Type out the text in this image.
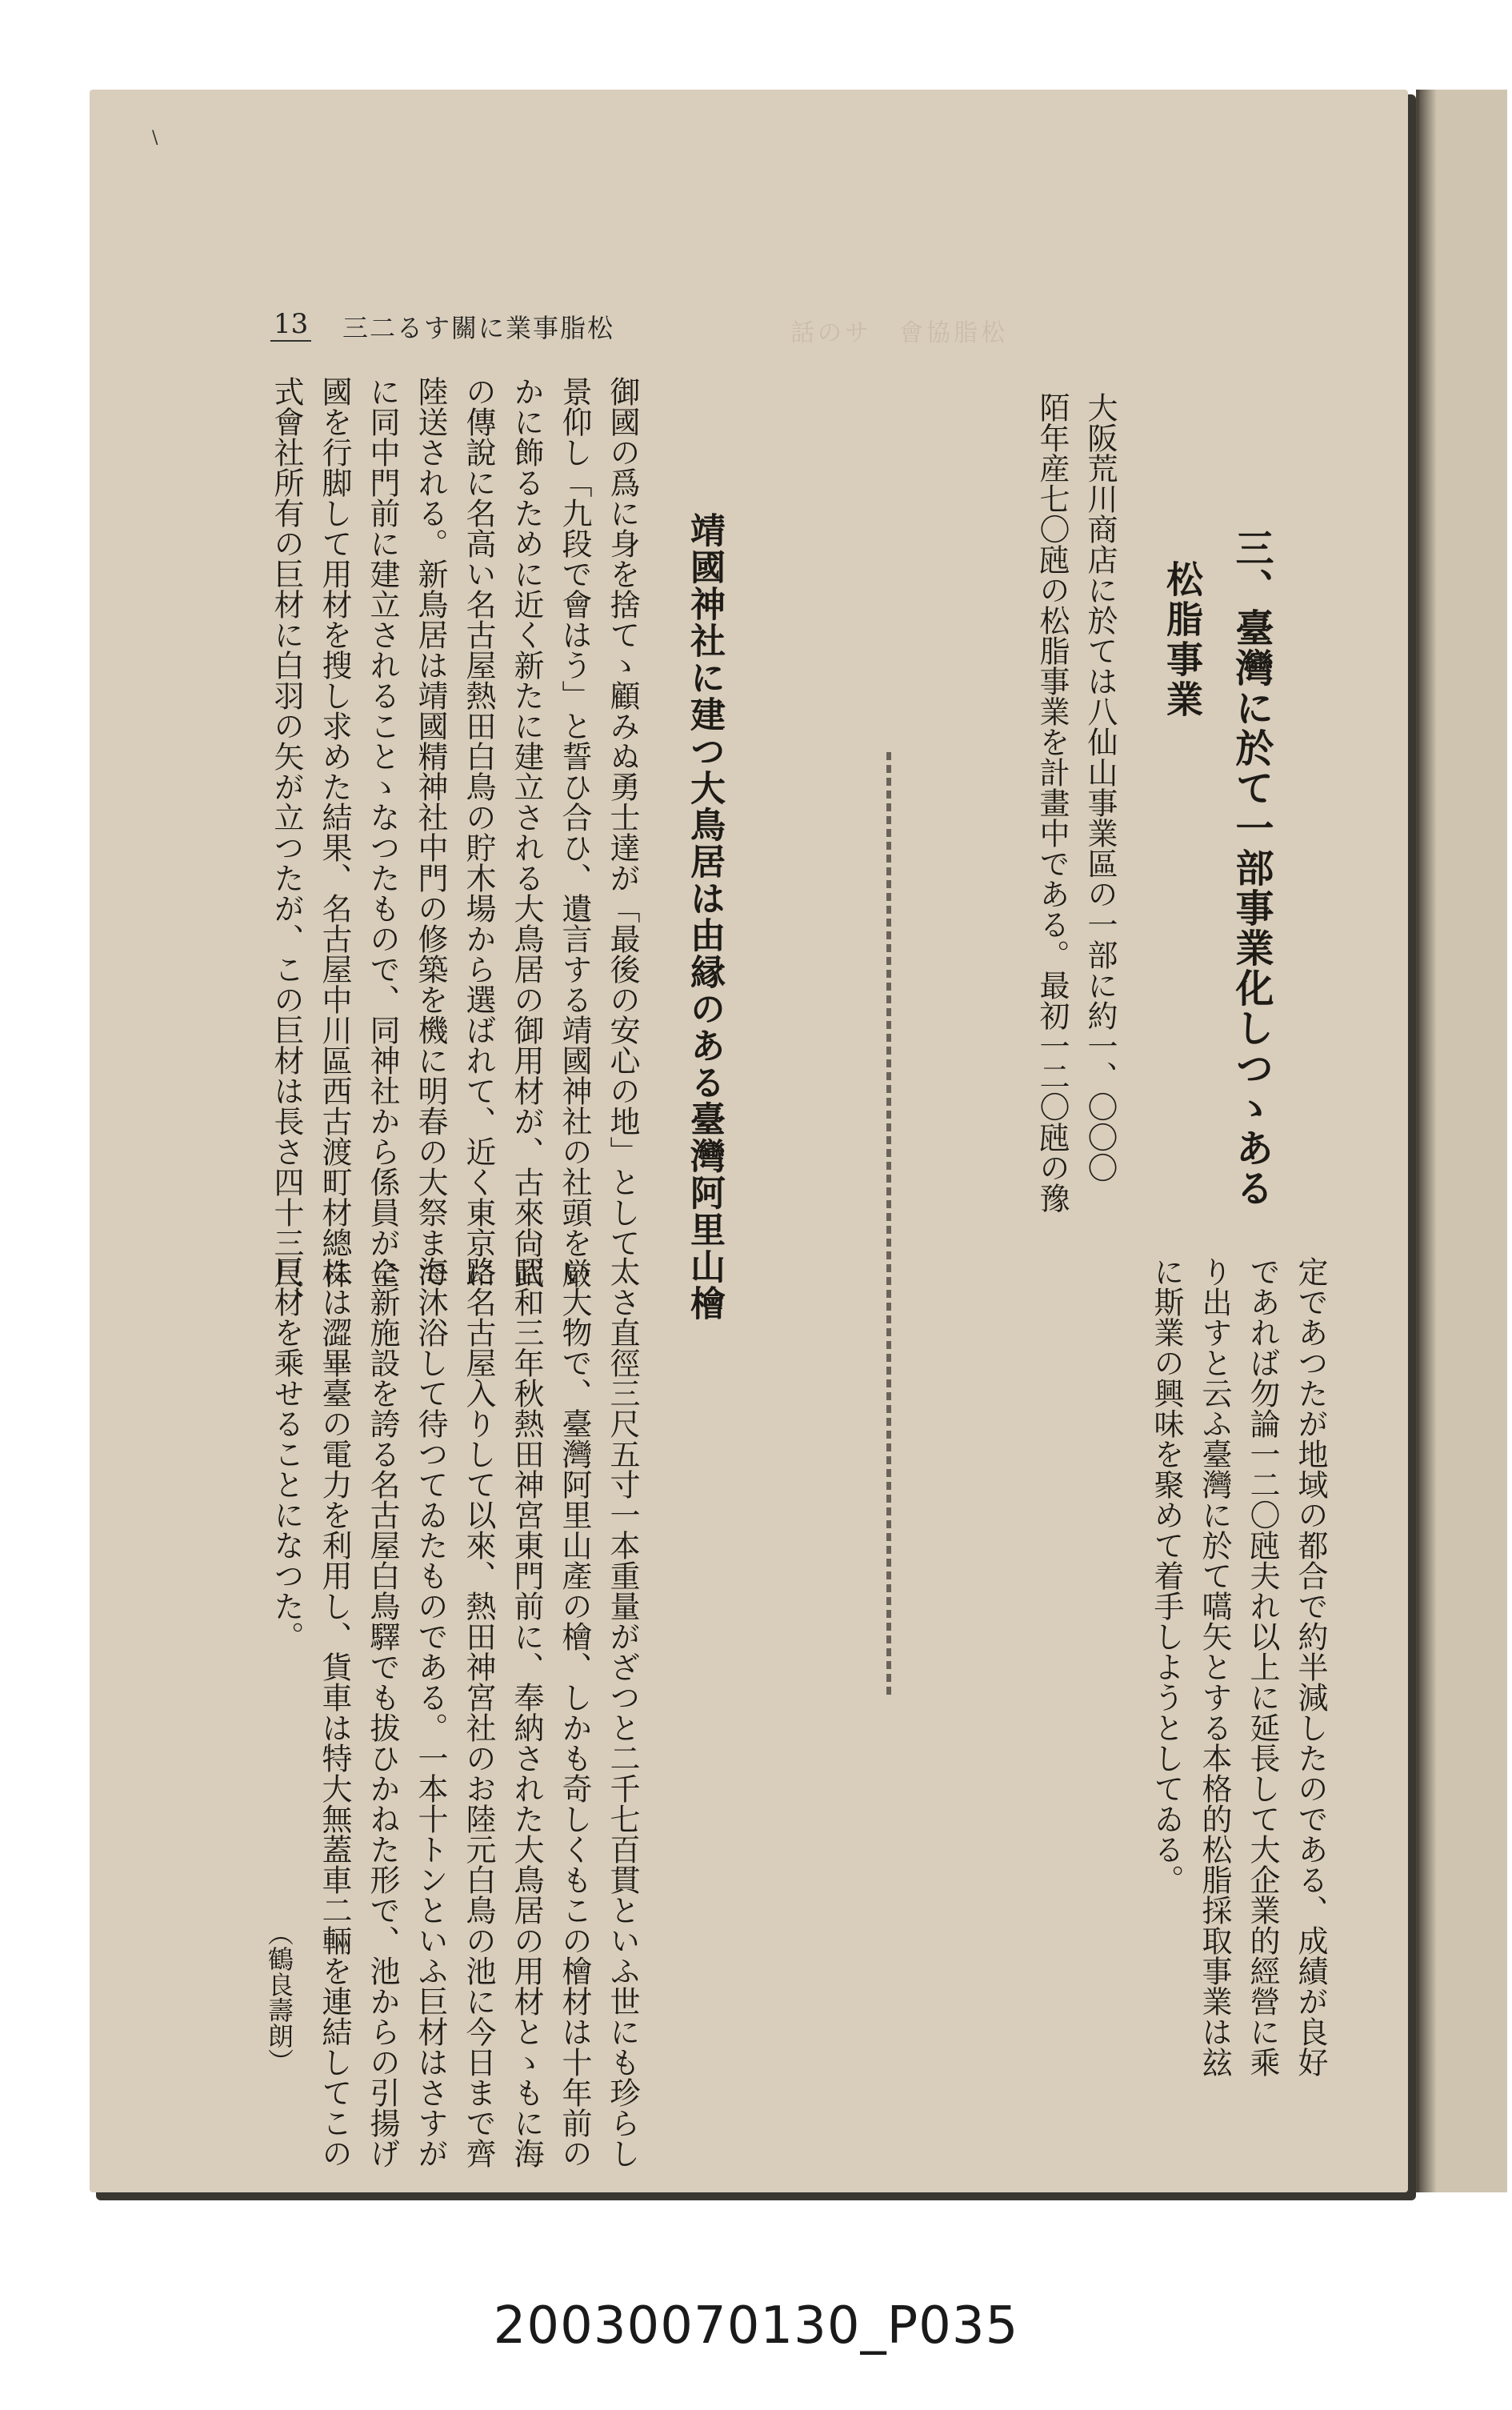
\
13 三二るす關に業事脂松	話のサ　會協脂松
三、臺灣に於て一部事業化しつゝある
松脂事業
大阪荒川商店に於ては八仙山事業區の一部に約一、〇〇〇
陌年産七〇瓲の松脂事業を計畫中である。最初一二〇瓲の豫
定であつたが地域の都合で約半減したのである、成績が良好
であれば勿論一二〇瓲夫れ以上に延長して大企業的經營に乘
り出すと云ふ臺灣に於て嚆矢とする本格的松脂採取事業は玆
に斯業の興味を聚めて着手しようとしてゐる。
靖國神社に建つ大鳥居は由縁のある臺灣阿里山檜
御國の爲に身を捨てゝ顧みぬ勇士達が「最後の安心の地」として
景仰し「九段で會はう」と誓ひ合ひ、遺言する靖國神社の社頭を厳
かに飾るために近く新たに建立される大鳥居の御用材が、古來尙武
の傳說に名高い名古屋熱田白鳥の貯木場から選ばれて、近く東京に
陸送される。新鳥居は靖國精神社中門の修築を機に明春の大祭まで
に同中門前に建立されることゝなつたもので、同神社から係員が全
國を行脚して用材を搜し求めた結果、名古屋中川區西古渡町材總株
式會社所有の巨材に白羽の矢が立つたが、この巨材は長さ四十三尺、
太さ直徑三尺五寸一本重量がざつと二千七百貫といふ世にも珍らし
い大物で、臺灣阿里山產の檜、しかも奇しくもこの檜材は十年前の
昭和三年秋熱田神宮東門前に、奉納された大鳥居の用材とゝもに海
路名古屋入りして以來、熱田神宮社のお陸元白鳥の池に今日まで齊
海沐浴して待つてゐたものである。一本十トンといふ巨材はさすが
に新施設を誇る名古屋白鳥驛でも拔ひかねた形で、池からの引揚げ
には澀畢臺の電力を利用し、貨車は特大無蓋車二輛を連結してこの
巨材を乘せることになつた。
（鶴良壽朗）
20030070130_P035
